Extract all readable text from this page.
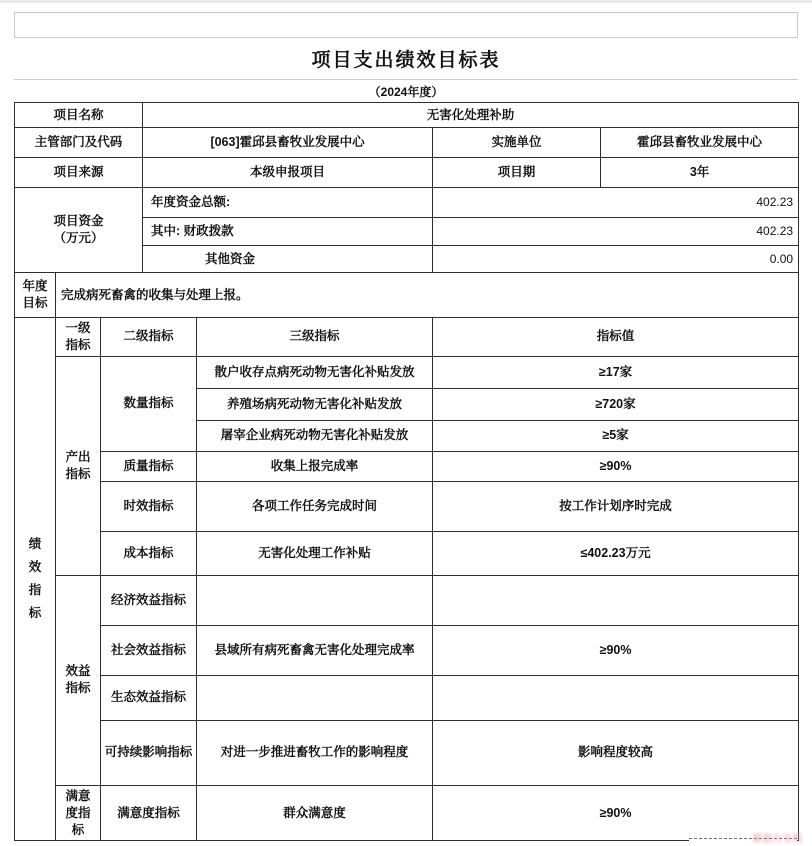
项目支出绩效目标表
（2024年度）
项目名称			无害化处理补助			
主管部门及代码			[063]霍邱县畜牧业发展中心		实施单位	霍邱县畜牧业发展中心
项目来源			本级申报项目		项目期	3年

项目资金（万元）			年度资金总额:		402.23	
			其中: 财政拨款		402.23	
			其他资金		0.00	

年度目标	完成病死畜禽的收集与处理上报。					

绩效指标	一级指标	二级指标		三级指标	指标值	

	产出指标	数量指标		散户收存点病死动物无害化补贴发放	≥17家	
				养殖场病死动物无害化补贴发放	≥720家	
				屠宰企业病死动物无害化补贴发放	≥5家	
		质量指标		收集上报完成率	≥90%	
		时效指标		各项工作任务完成时间	按工作计划序时完成	
		成本指标		无害化处理工作补贴	≤402.23万元	

	效益指标	经济效益指标				
		社会效益指标		县域所有病死畜禽无害化处理完成率	≥90%	
		生态效益指标				
		可持续影响指标		对进一步推进畜牧工作的影响程度	影响程度较高	

	满意度指标	满意度指标		群众满意度	≥90%	
原创力文档
